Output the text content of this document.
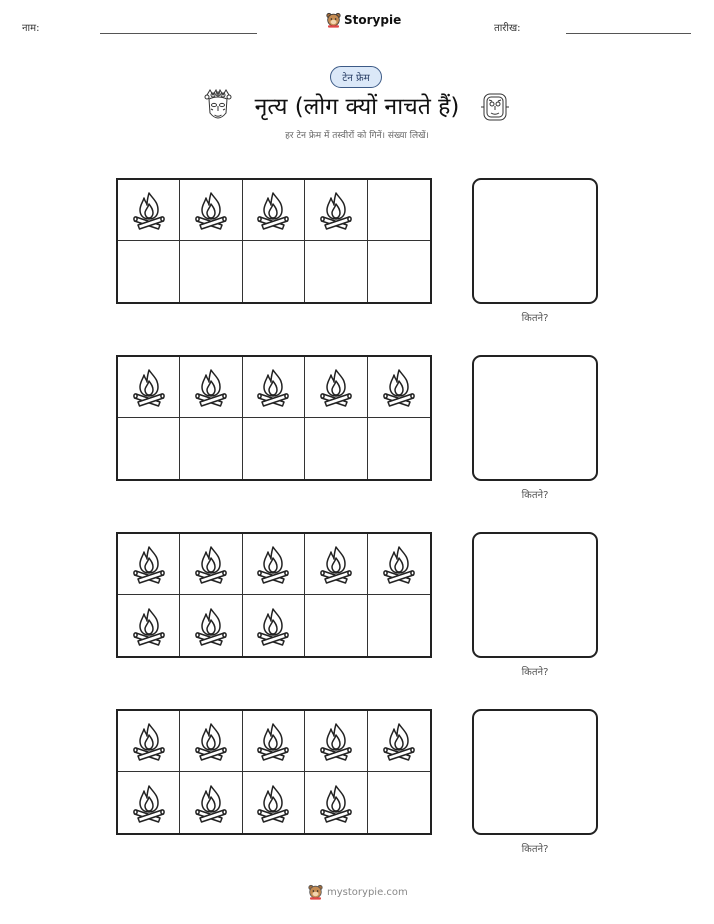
नाम:
Storypie
तारीख:
टेन फ्रेम
नृत्य (लोग क्यों नाचते हैं)
हर टेन फ्रेम में तस्वीरों को गिनें। संख्या लिखें।
कितने?
कितने?
कितने?
कितने?
mystorypie.com
